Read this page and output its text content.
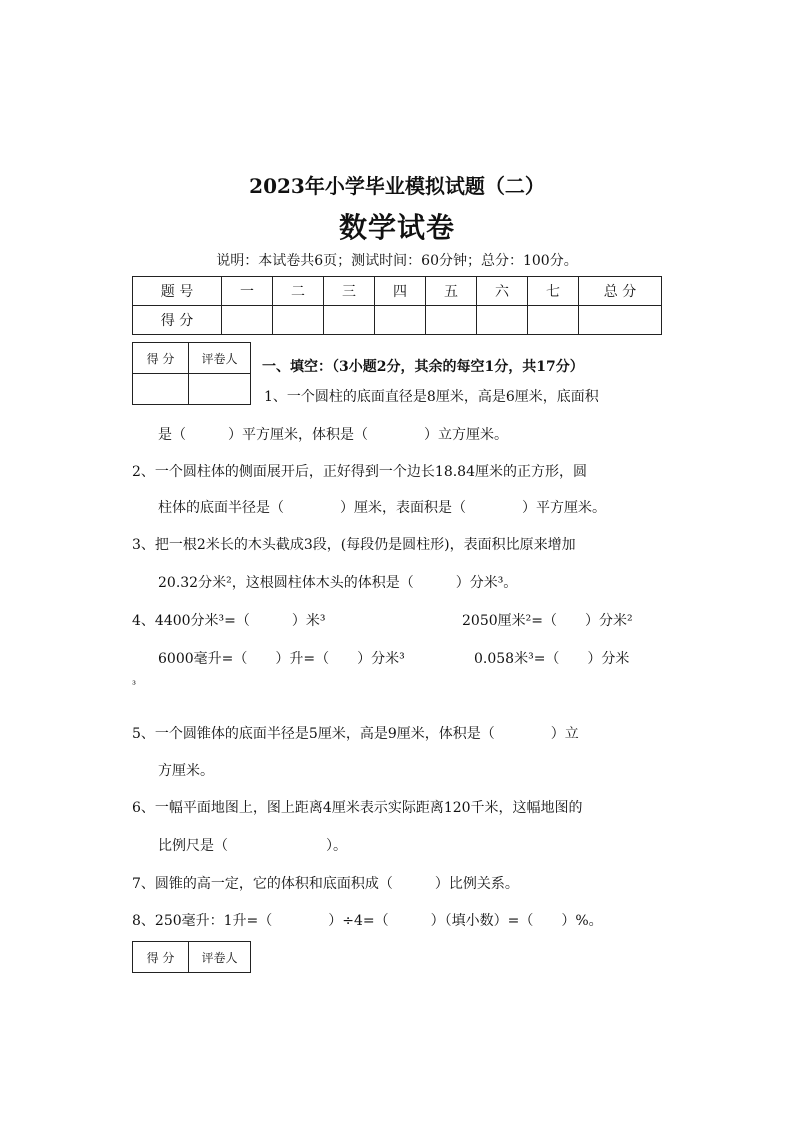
2023年小学毕业模拟试题（二）
数学试卷
说明：本试卷共6页；测试时间：60分钟；总分：100分。
题 号	一	二	三	四	五	六	七	总 分
得 分								
得 分	评卷人

一、填空：（3小题2分，其余的每空1分，共17分）
1、一个圆柱的底面直径是8厘米，高是6厘米，底面积
是（　　　）平方厘米，体积是（　　　　）立方厘米。
2、一个圆柱体的侧面展开后，正好得到一个边长18.84厘米的正方形，圆
柱体的底面半径是（　　　　）厘米，表面积是（　　　　）平方厘米。
3、把一根2米长的木头截成3段，(每段仍是圆柱形)，表面积比原来增加
20.32分米²，这根圆柱体木头的体积是（　　　）分米³。
4、4400分米³=（　　　）米³	2050厘米²=（　　）分米²
6000毫升=（　　）升=（　　）分米³	0.058米³=（　　）分米
³
5、一个圆锥体的底面半径是5厘米，高是9厘米，体积是（　　　　）立
方厘米。
6、一幅平面地图上，图上距离4厘米表示实际距离120千米，这幅地图的
比例尺是（　　　　　　　）。
7、圆锥的高一定，它的体积和底面积成（　　　）比例关系。
8、250毫升：1升=（　　　　）÷4=（　　　）（填小数）=（　　）%。
得 分	评卷人
